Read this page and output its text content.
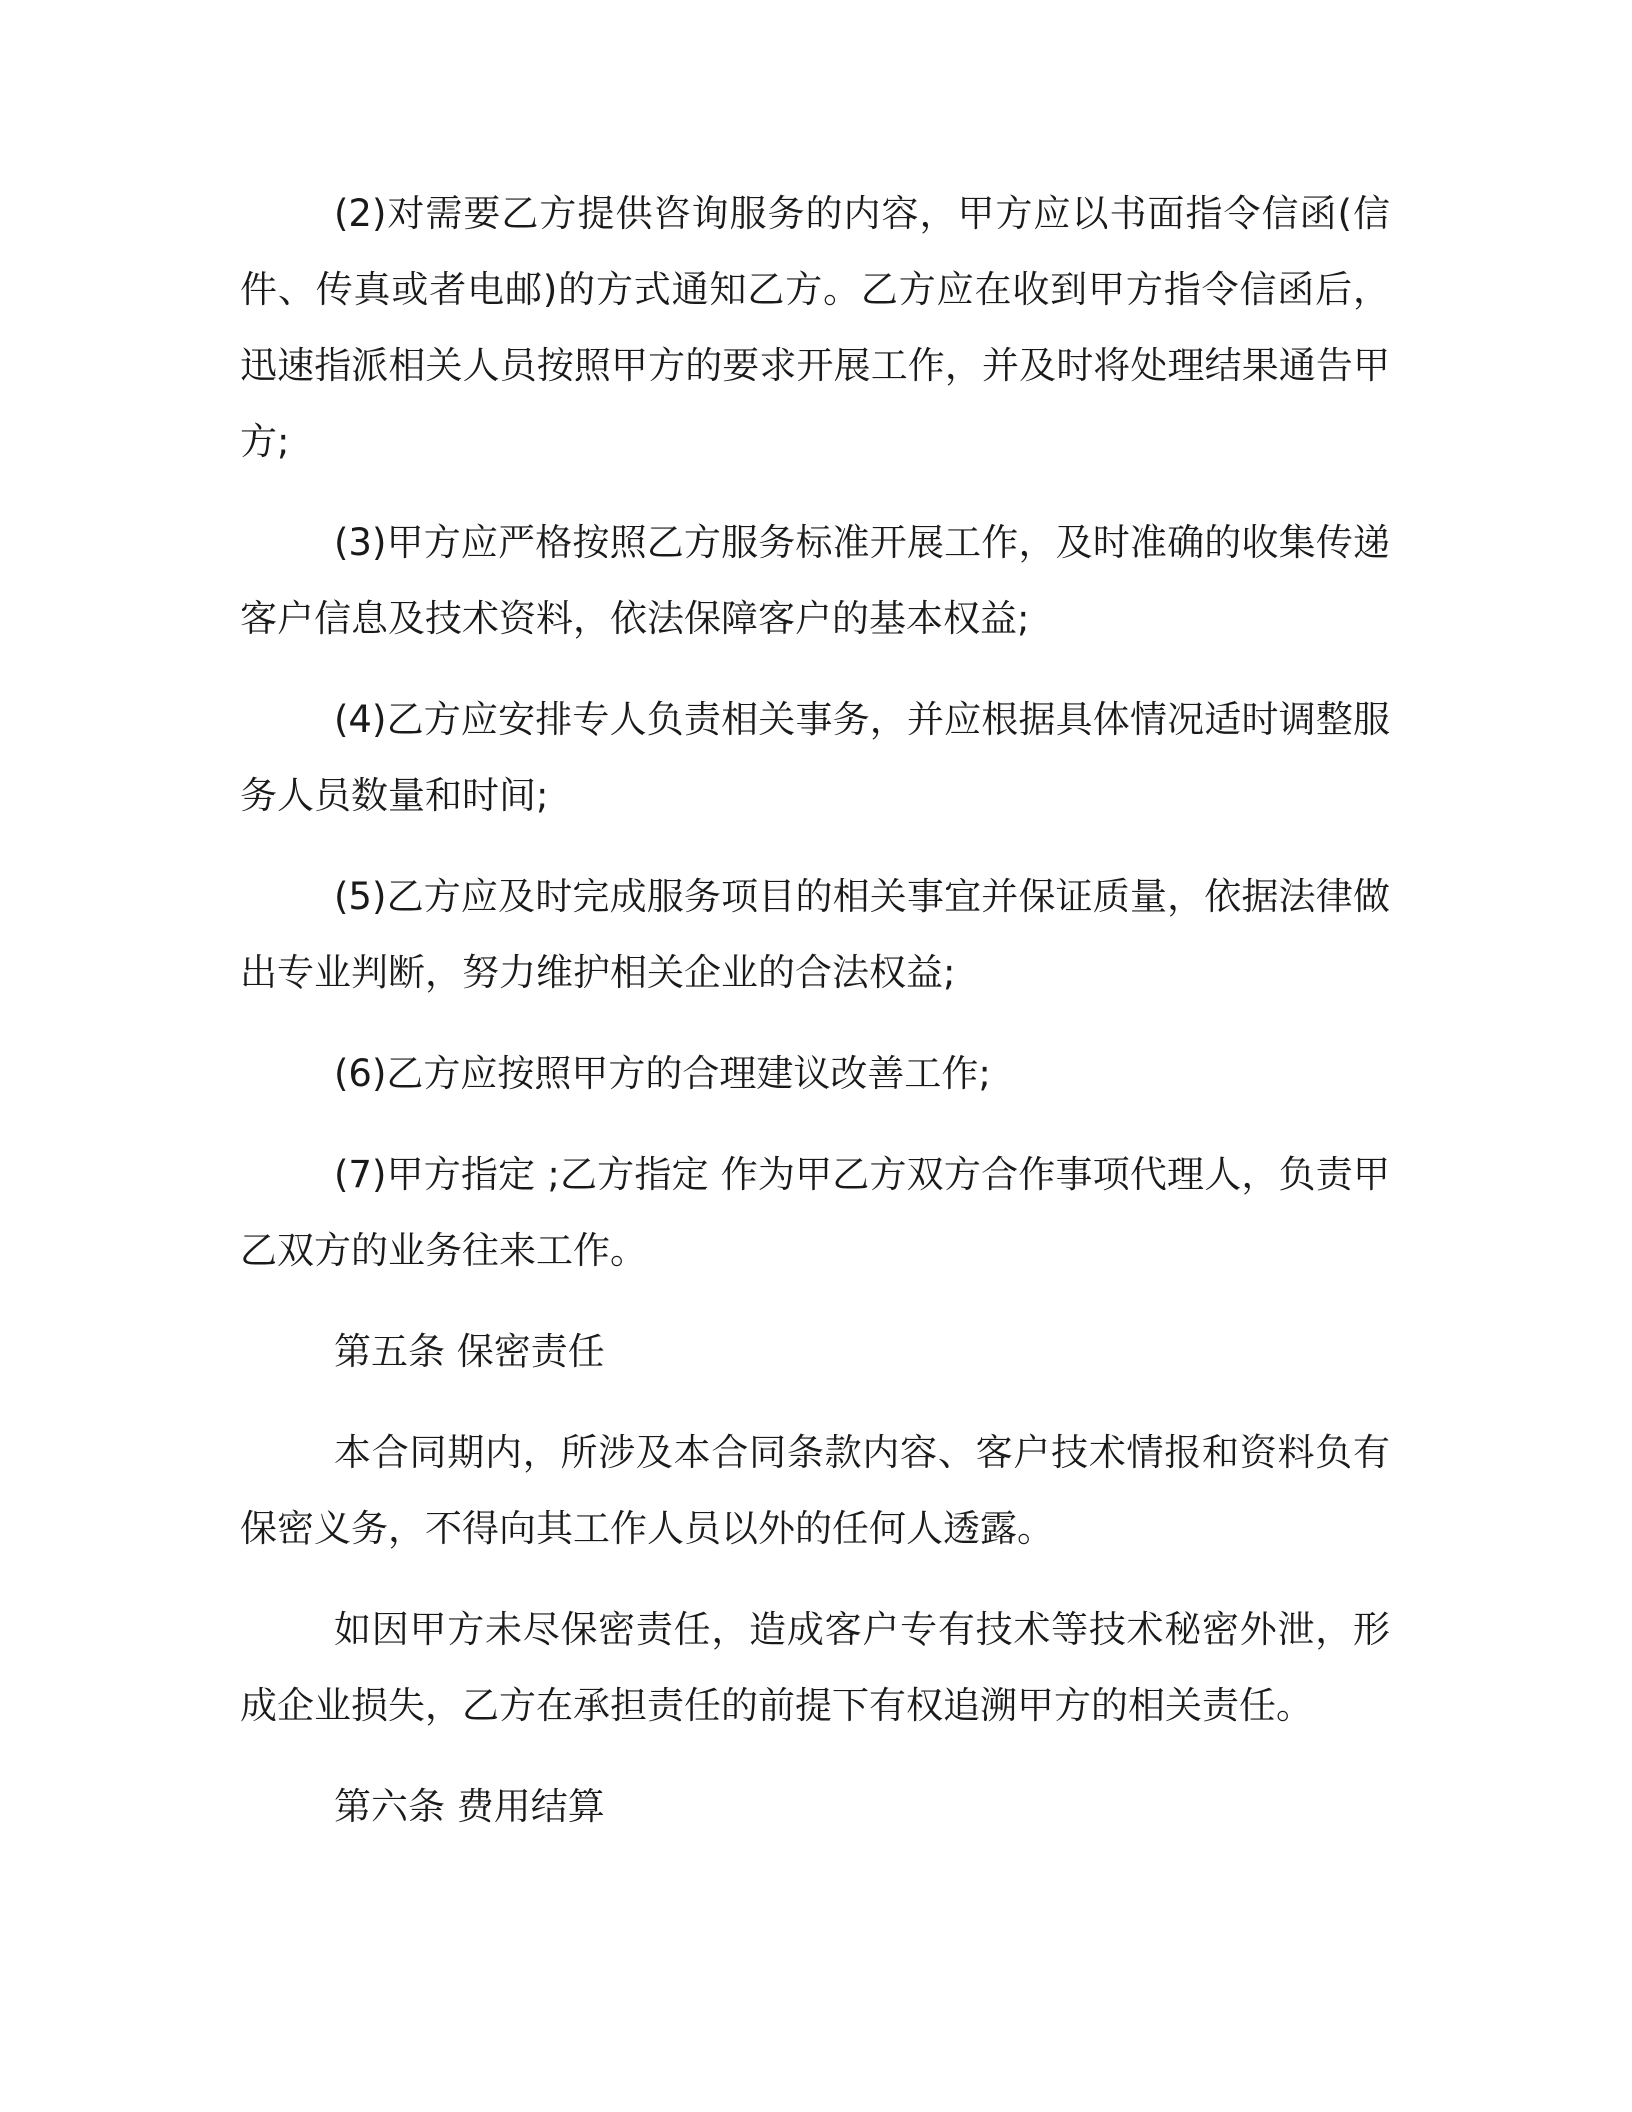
(2)对需要乙方提供咨询服务的内容，甲方应以书面指令信函(信件、传真或者电邮)的方式通知乙方。乙方应在收到甲方指令信函后，迅速指派相关人员按照甲方的要求开展工作，并及时将处理结果通告甲方;

(3)甲方应严格按照乙方服务标准开展工作，及时准确的收集传递客户信息及技术资料，依法保障客户的基本权益;

(4)乙方应安排专人负责相关事务，并应根据具体情况适时调整服务人员数量和时间;

(5)乙方应及时完成服务项目的相关事宜并保证质量，依据法律做出专业判断，努力维护相关企业的合法权益;

(6)乙方应按照甲方的合理建议改善工作;

(7)甲方指定 ;乙方指定 作为甲乙方双方合作事项代理人，负责甲乙双方的业务往来工作。

第五条 保密责任

本合同期内，所涉及本合同条款内容、客户技术情报和资料负有保密义务，不得向其工作人员以外的任何人透露。

如因甲方未尽保密责任，造成客户专有技术等技术秘密外泄，形成企业损失，乙方在承担责任的前提下有权追溯甲方的相关责任。

第六条 费用结算
